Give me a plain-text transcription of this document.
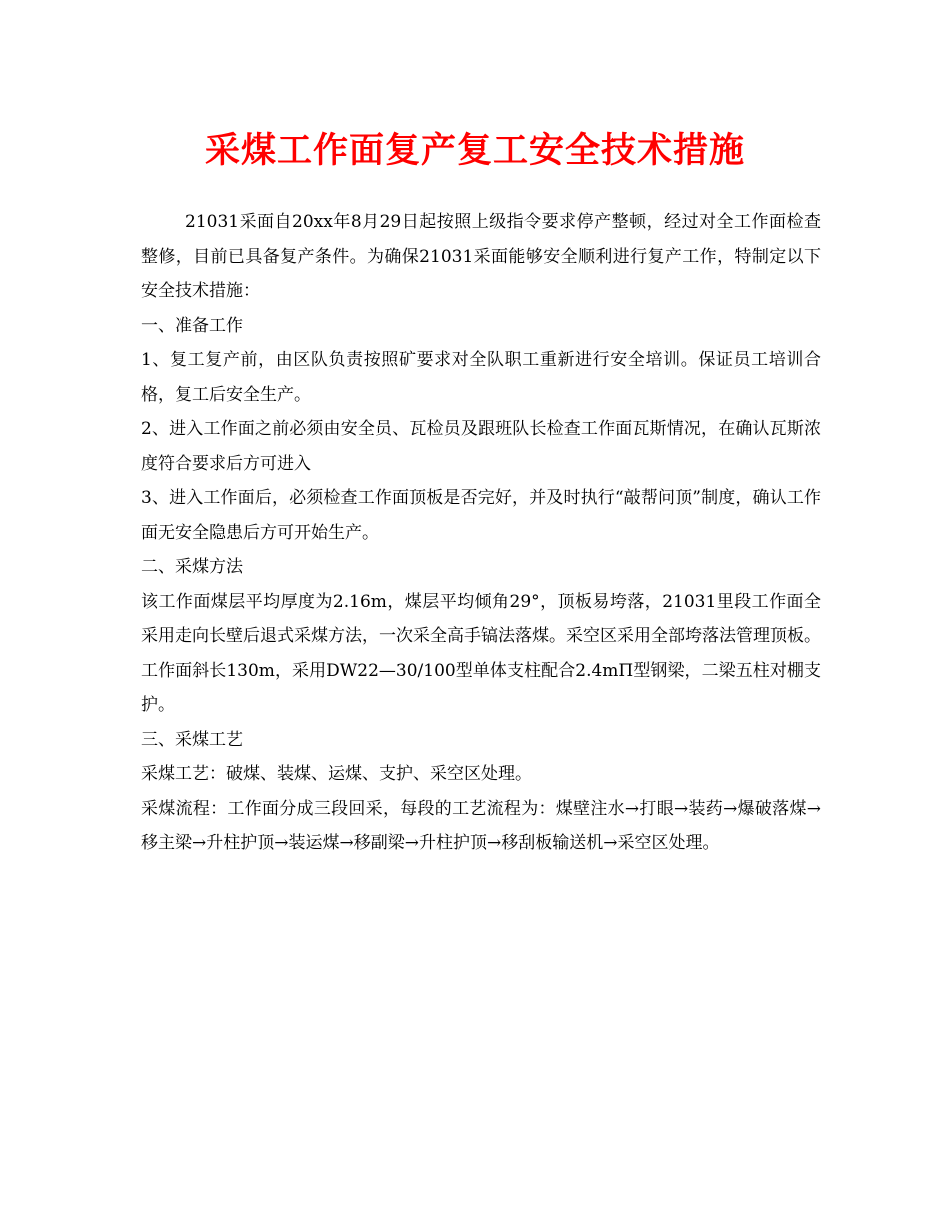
采煤工作面复产复工安全技术措施

21031采面自20xx年8月29日起按照上级指令要求停产整顿，经过对全工作面检查整修，目前已具备复产条件。为确保21031采面能够安全顺利进行复产工作，特制定以下安全技术措施：

一、准备工作

1、复工复产前，由区队负责按照矿要求对全队职工重新进行安全培训。保证员工培训合格，复工后安全生产。

2、进入工作面之前必须由安全员、瓦检员及跟班队长检查工作面瓦斯情况，在确认瓦斯浓度符合要求后方可进入

3、进入工作面后，必须检查工作面顶板是否完好，并及时执行“敲帮问顶”制度，确认工作面无安全隐患后方可开始生产。

二、采煤方法

该工作面煤层平均厚度为2.16m，煤层平均倾角29°，顶板易垮落，21031里段工作面全采用走向长壁后退式采煤方法，一次采全高手镐法落煤。采空区采用全部垮落法管理顶板。

工作面斜长130m，采用DW22—30/100型单体支柱配合2.4mП型钢梁，二梁五柱对棚支护。

三、采煤工艺

采煤工艺：破煤、装煤、运煤、支护、采空区处理。

采煤流程：工作面分成三段回采，每段的工艺流程为：煤壁注水→打眼→装药→爆破落煤→移主梁→升柱护顶→装运煤→移副梁→升柱护顶→移刮板输送机→采空区处理。
